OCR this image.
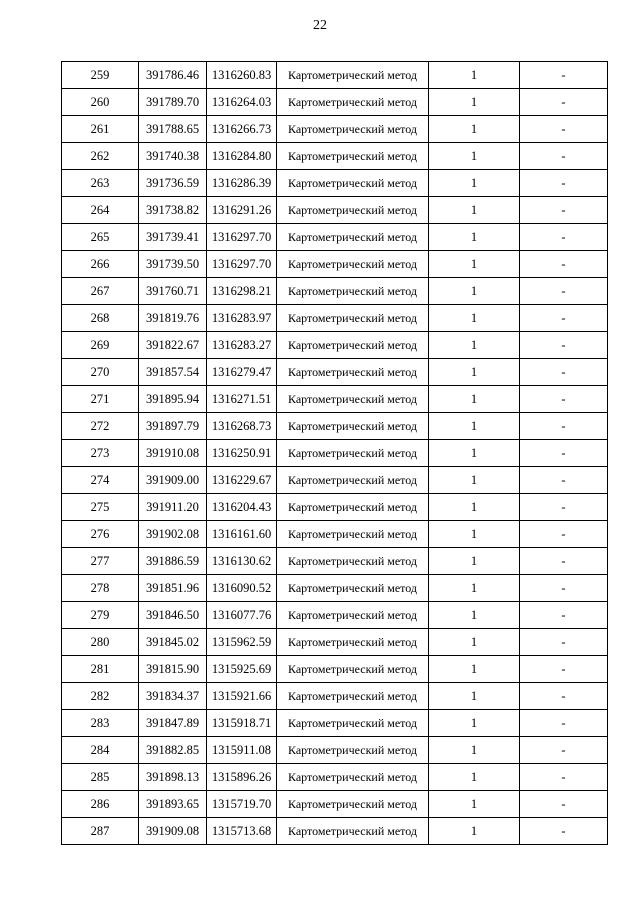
22
259	391786.46	1316260.83	Картометрический метод	1	-
260	391789.70	1316264.03	Картометрический метод	1	-
261	391788.65	1316266.73	Картометрический метод	1	-
262	391740.38	1316284.80	Картометрический метод	1	-
263	391736.59	1316286.39	Картометрический метод	1	-
264	391738.82	1316291.26	Картометрический метод	1	-
265	391739.41	1316297.70	Картометрический метод	1	-
266	391739.50	1316297.70	Картометрический метод	1	-
267	391760.71	1316298.21	Картометрический метод	1	-
268	391819.76	1316283.97	Картометрический метод	1	-
269	391822.67	1316283.27	Картометрический метод	1	-
270	391857.54	1316279.47	Картометрический метод	1	-
271	391895.94	1316271.51	Картометрический метод	1	-
272	391897.79	1316268.73	Картометрический метод	1	-
273	391910.08	1316250.91	Картометрический метод	1	-
274	391909.00	1316229.67	Картометрический метод	1	-
275	391911.20	1316204.43	Картометрический метод	1	-
276	391902.08	1316161.60	Картометрический метод	1	-
277	391886.59	1316130.62	Картометрический метод	1	-
278	391851.96	1316090.52	Картометрический метод	1	-
279	391846.50	1316077.76	Картометрический метод	1	-
280	391845.02	1315962.59	Картометрический метод	1	-
281	391815.90	1315925.69	Картометрический метод	1	-
282	391834.37	1315921.66	Картометрический метод	1	-
283	391847.89	1315918.71	Картометрический метод	1	-
284	391882.85	1315911.08	Картометрический метод	1	-
285	391898.13	1315896.26	Картометрический метод	1	-
286	391893.65	1315719.70	Картометрический метод	1	-
287	391909.08	1315713.68	Картометрический метод	1	-
